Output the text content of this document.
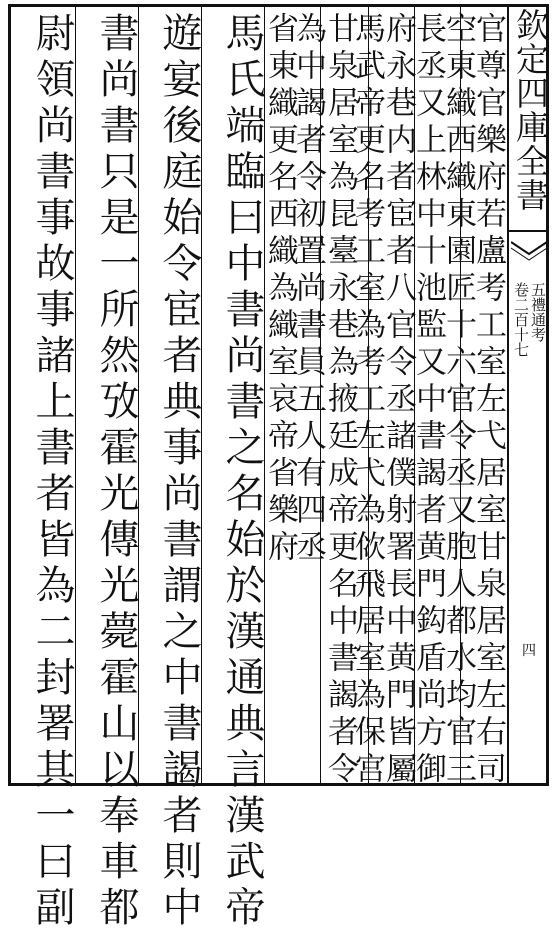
欽定四庫全書
卷二百十七 五禮通考
四
官尊官樂府若盧考工室左弋居室甘泉居室左右司
空東織西織東園匠十六官令丞又胞人都水均官三
長丞又上林中十池監又中書謁者黄門鈎盾尚方御
府永巷内者宦者八官令丞諸僕射署長中黄門皆屬
馬武帝更名考工室為考工左弋為佽飛居室為保宫
甘泉居室為昆臺永巷為掖廷成帝更名中書謁者令
為中謁者令初置尚書員五人有四丞
省東織更名西織為織室哀帝省樂府
馬氏端臨曰中書尚書之名始於漢通典言漢武帝
遊宴後庭始令宦者典事尚書謂之中書謁者則中
書尚書只是一所然攷霍光傳光薨霍山以奉車都
尉領尚書事故事諸上書者皆為二封署其一曰副
